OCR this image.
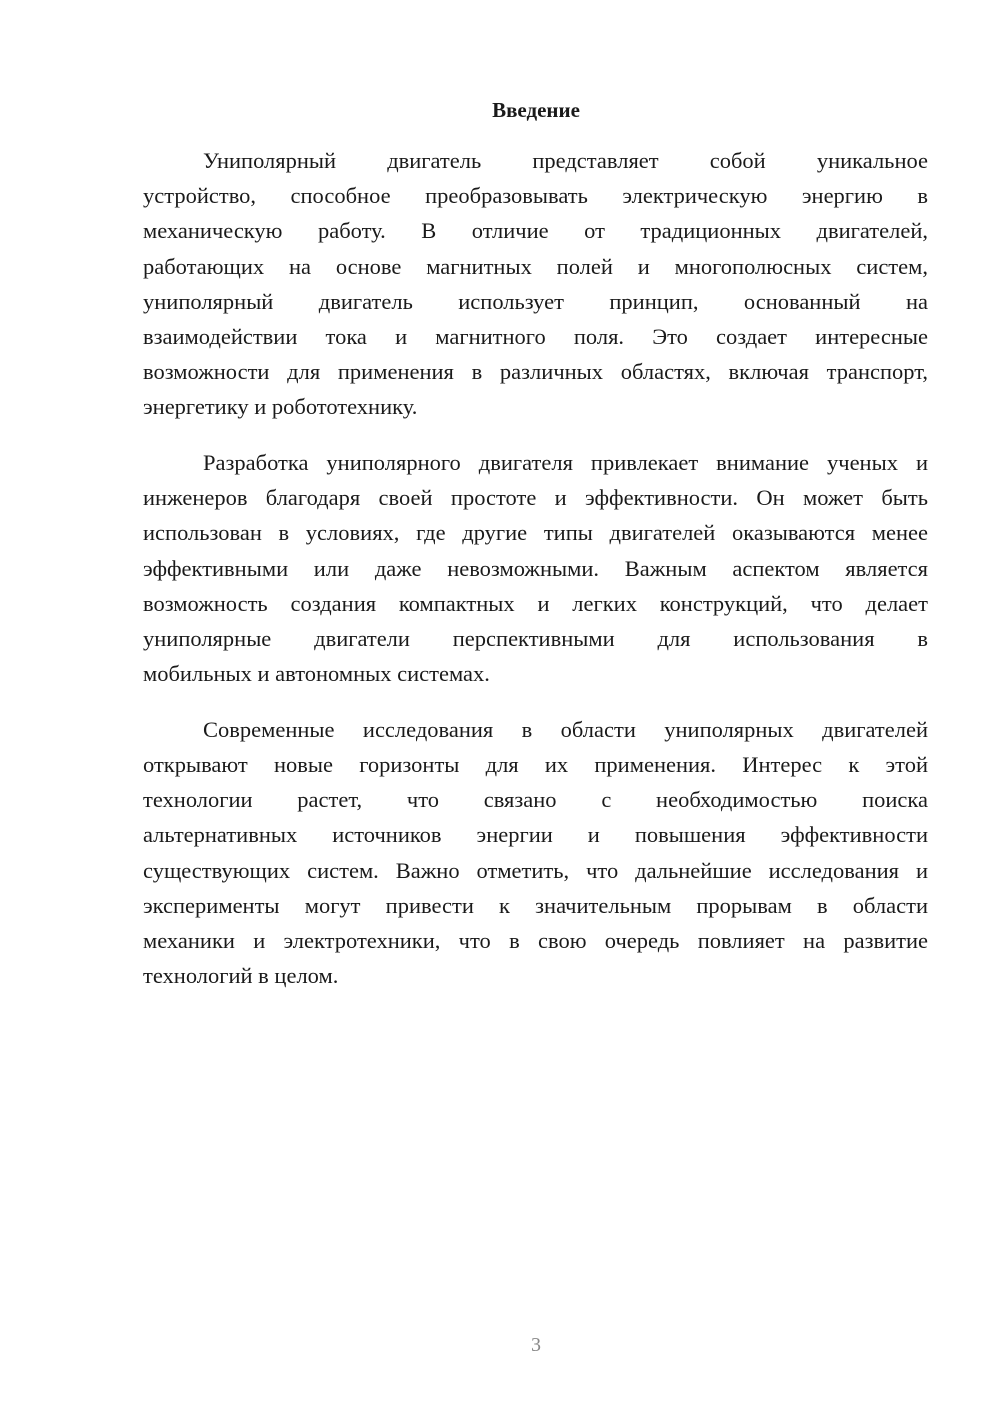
Введение
Униполярный двигатель представляет собой уникальное
устройство, способное преобразовывать электрическую энергию в
механическую работу. В отличие от традиционных двигателей,
работающих на основе магнитных полей и многополюсных систем,
униполярный двигатель использует принцип, основанный на
взаимодействии тока и магнитного поля. Это создает интересные
возможности для применения в различных областях, включая транспорт,
энергетику и робототехнику.
Разработка униполярного двигателя привлекает внимание ученых и
инженеров благодаря своей простоте и эффективности. Он может быть
использован в условиях, где другие типы двигателей оказываются менее
эффективными или даже невозможными. Важным аспектом является
возможность создания компактных и легких конструкций, что делает
униполярные двигатели перспективными для использования в
мобильных и автономных системах.
Современные исследования в области униполярных двигателей
открывают новые горизонты для их применения. Интерес к этой
технологии растет, что связано с необходимостью поиска
альтернативных источников энергии и повышения эффективности
существующих систем. Важно отметить, что дальнейшие исследования и
эксперименты могут привести к значительным прорывам в области
механики и электротехники, что в свою очередь повлияет на развитие
технологий в целом.
3
